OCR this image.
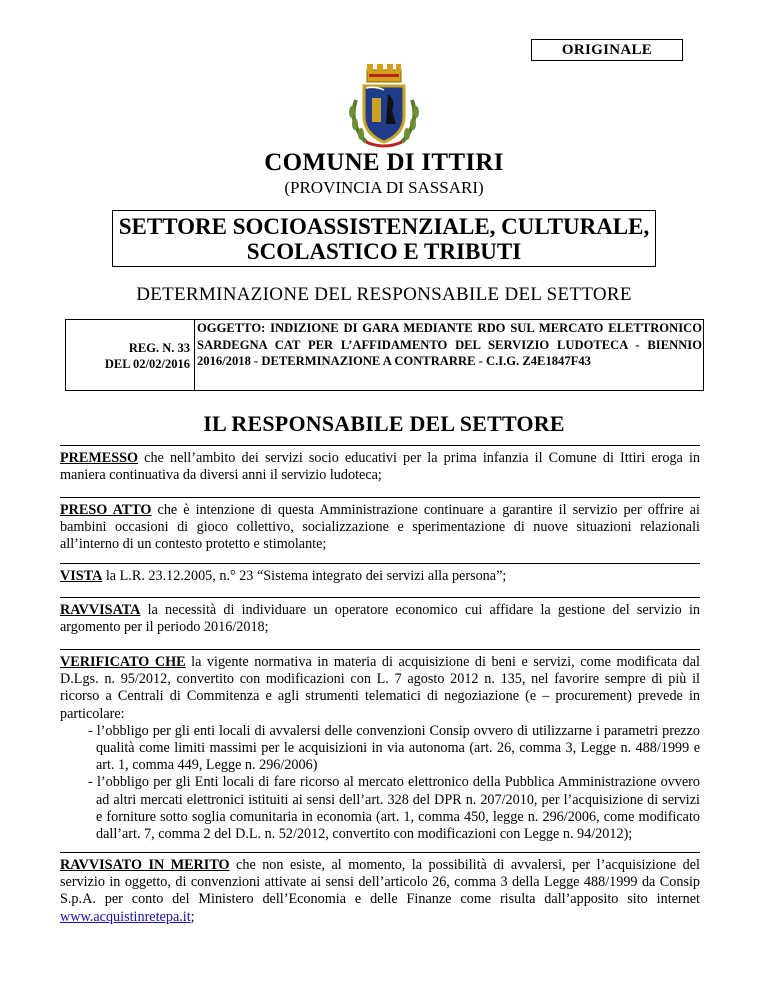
ORIGINALE
COMUNE DI ITTIRI
(PROVINCIA DI SASSARI)
SETTORE SOCIOASSISTENZIALE, CULTURALE,
SCOLASTICO E TRIBUTI
DETERMINAZIONE DEL RESPONSABILE DEL SETTORE
REG. N. 33
DEL 02/02/2016
OGGETTO: INDIZIONE DI GARA MEDIANTE RDO SUL MERCATO ELETTRONICO SARDEGNA CAT PER L’AFFIDAMENTO DEL SERVIZIO LUDOTECA - BIENNIO 2016/2018 - DETERMINAZIONE A CONTRARRE - C.I.G. Z4E1847F43
IL RESPONSABILE DEL SETTORE
PREMESSO che nell’ambito dei servizi socio educativi per la prima infanzia il Comune di Ittiri eroga in maniera continuativa da diversi anni il servizio ludoteca;
PRESO ATTO che è intenzione di questa Amministrazione continuare a garantire il servizio per offrire ai bambini occasioni di gioco collettivo, socializzazione e sperimentazione di nuove situazioni relazionali all’interno di un contesto protetto e stimolante;
VISTA la L.R. 23.12.2005, n.° 23 “Sistema integrato dei servizi alla persona”;
RAVVISATA la necessità di individuare un operatore economico cui affidare la gestione del servizio in argomento per il periodo 2016/2018;
VERIFICATO CHE la vigente normativa in materia di acquisizione di beni e servizi, come modificata dal D.Lgs. n. 95/2012, convertito con modificazioni con L. 7 agosto 2012 n. 135, nel favorire sempre di più il ricorso a Centrali di Commitenza e agli strumenti telematici di negoziazione (e – procurement) prevede in particolare:
- l’obbligo per gli enti locali di avvalersi delle convenzioni Consip ovvero di utilizzarne i parametri prezzo qualità come limiti massimi per le acquisizioni in via autonoma (art. 26, comma 3, Legge n. 488/1999 e art. 1, comma 449, Legge n. 296/2006)
- l’obbligo per gli Enti locali di fare ricorso al mercato elettronico della Pubblica Amministrazione ovvero ad altri mercati elettronici istituiti ai sensi dell’art. 328 del DPR n. 207/2010, per l’acquisizione di servizi e forniture sotto soglia comunitaria in economia (art. 1, comma 450, legge n. 296/2006, come modificato dall’art. 7, comma 2 del D.L. n. 52/2012, convertito con modificazioni con Legge n. 94/2012);
RAVVISATO IN MERITO che non esiste, al momento, la possibilità di avvalersi, per l’acquisizione del servizio in oggetto, di convenzioni attivate ai sensi dell’articolo 26, comma 3 della Legge 488/1999 da Consip S.p.A. per conto del Ministero dell’Economia e delle Finanze come risulta dall’apposito sito internet www.acquistinretepa.it;
